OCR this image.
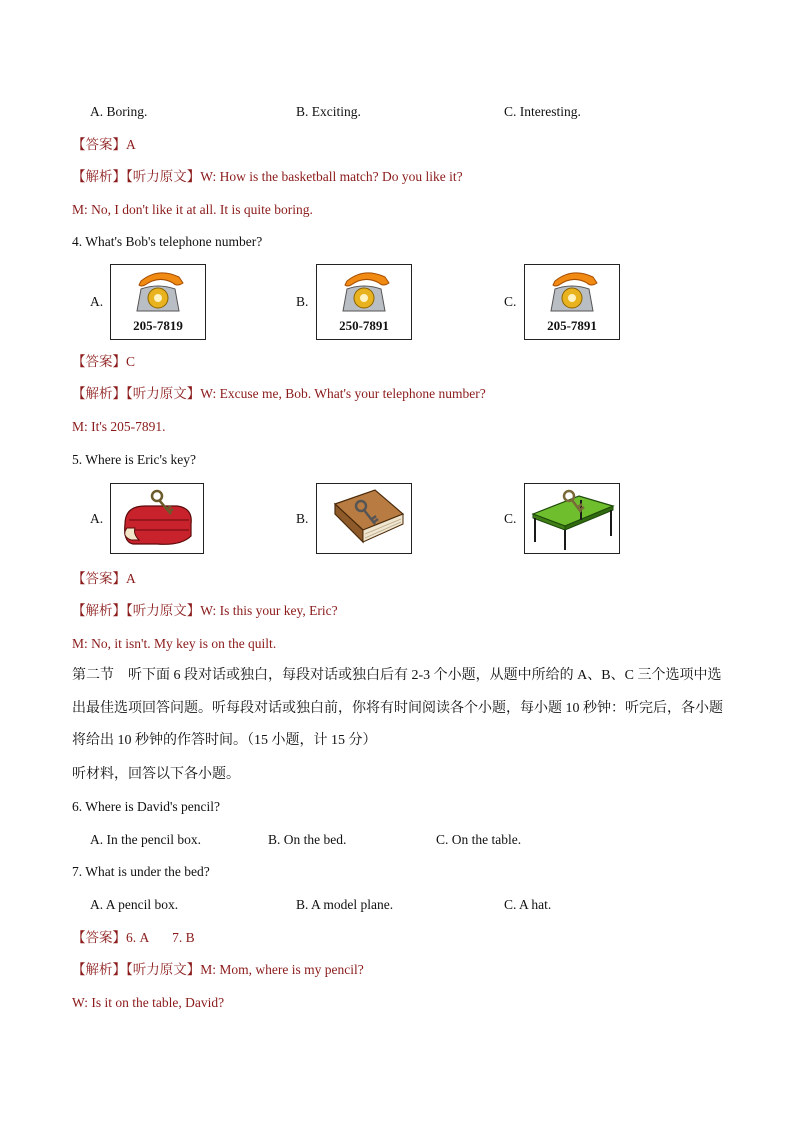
A. Boring.	B. Exciting.	C. Interesting.
【答案】A
【解析】【听力原文】W: How is the basketball match? Do you like it?
M: No, I don't like it at all. It is quite boring.
4. What's Bob's telephone number?
A.	B.	C.
205-7819	250-7891	205-7891
【答案】C
【解析】【听力原文】W: Excuse me, Bob. What's your telephone number?
M: It's 205-7891.
5. Where is Eric's key?
A.	B.	C.
【答案】A
【解析】【听力原文】W: Is this your key, Eric?
M: No, it isn't. My key is on the quilt.
第二节　听下面 6 段对话或独白，每段对话或独白后有 2-3 个小题，从题中所给的 A、B、C 三个选项中选出最佳选项回答问题。听每段对话或独白前，你将有时间阅读各个小题，每小题 10 秒钟：听完后，各小题将给出 10 秒钟的作答时间。（15 小题，计 15 分）
听材料，回答以下各小题。
6. Where is David's pencil?
A. In the pencil box.	B. On the bed.	C. On the table.
7. What is under the bed?
A. A pencil box.	B. A model plane.	C. A hat.
【答案】6. A       7. B
【解析】【听力原文】M: Mom, where is my pencil?
W: Is it on the table, David?
